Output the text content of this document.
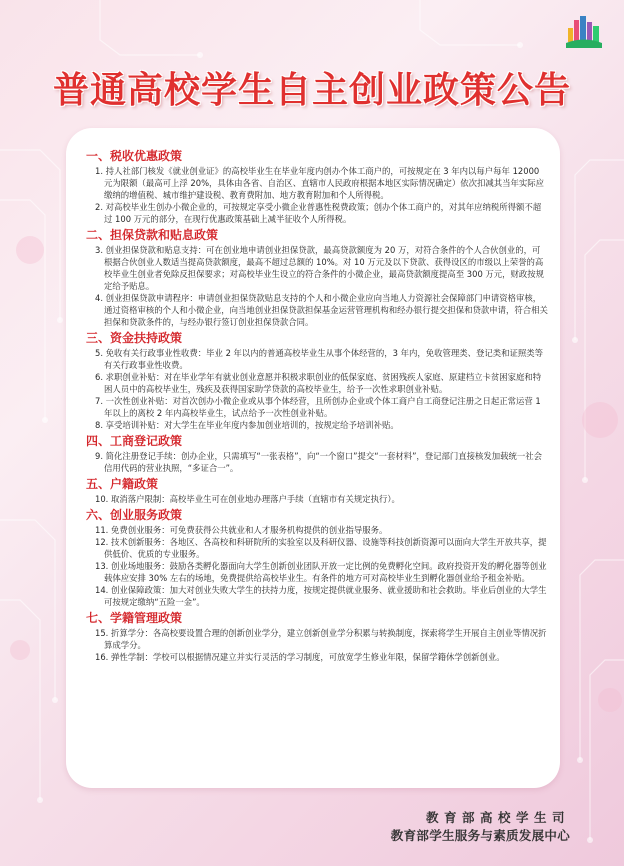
普通高校学生自主创业政策公告
一、税收优惠政策
1. 持人社部门核发《就业创业证》的高校毕业生在毕业年度内创办个体工商户的，可按规定在 3 年内以每户每年 12000 元为限额（最高可上浮 20%，具体由各省、自治区、直辖市人民政府根据本地区实际情况确定）依次扣减其当年实际应缴纳的增值税、城市维护建设税、教育费附加、地方教育附加和个人所得税。
2. 对高校毕业生创办小微企业的，可按规定享受小微企业普惠性税费政策；创办个体工商户的，对其年应纳税所得额不超过 100 万元的部分，在现行优惠政策基础上减半征收个人所得税。
二、担保贷款和贴息政策
3. 创业担保贷款和贴息支持：可在创业地申请创业担保贷款，最高贷款额度为 20 万，对符合条件的个人合伙创业的，可根据合伙创业人数适当提高贷款额度，最高不超过总额的 10%。对 10 万元及以下贷款、获得设区的市级以上荣誉的高校毕业生创业者免除反担保要求；对高校毕业生设立的符合条件的小微企业，最高贷款额度提高至 300 万元，财政按规定给予贴息。
4. 创业担保贷款申请程序：申请创业担保贷款贴息支持的个人和小微企业应向当地人力资源社会保障部门申请资格审核，通过资格审核的个人和小微企业，向当地创业担保贷款担保基金运营管理机构和经办银行提交担保和贷款申请，符合相关担保和贷款条件的，与经办银行签订创业担保贷款合同。
三、资金扶持政策
5. 免收有关行政事业性收费：毕业 2 年以内的普通高校毕业生从事个体经营的，3 年内，免收管理类、登记类和证照类等有关行政事业性收费。
6. 求职创业补贴：对在毕业学年有就业创业意愿并积极求职创业的低保家庭、贫困残疾人家庭、原建档立卡贫困家庭和特困人员中的高校毕业生，残疾及获得国家助学贷款的高校毕业生，给予一次性求职创业补贴。
7. 一次性创业补贴：对首次创办小微企业或从事个体经营，且所创办企业或个体工商户自工商登记注册之日起正常运营 1 年以上的离校 2 年内高校毕业生，试点给予一次性创业补贴。
8. 享受培训补贴：对大学生在毕业年度内参加创业培训的，按规定给予培训补贴。
四、工商登记政策
9. 简化注册登记手续：创办企业，只需填写“一张表格”，向“一个窗口”提交“一套材料”，登记部门直接核发加载统一社会信用代码的营业执照，“多证合一”。
五、户籍政策
10. 取消落户限制：高校毕业生可在创业地办理落户手续（直辖市有关规定执行）。
六、创业服务政策
11. 免费创业服务：可免费获得公共就业和人才服务机构提供的创业指导服务。
12. 技术创新服务：各地区、各高校和科研院所的实验室以及科研仪器、设施等科技创新资源可以面向大学生开放共享，提供低价、优质的专业服务。
13. 创业场地服务：鼓励各类孵化器面向大学生创新创业团队开放一定比例的免费孵化空间。政府投资开发的孵化器等创业载体应安排 30% 左右的场地，免费提供给高校毕业生。有条件的地方可对高校毕业生到孵化器创业给予租金补贴。
14. 创业保障政策：加大对创业失败大学生的扶持力度，按规定提供就业服务、就业援助和社会救助。毕业后创业的大学生可按规定缴纳“五险一金”。
七、学籍管理政策
15. 折算学分：各高校要设置合理的创新创业学分，建立创新创业学分积累与转换制度，探索将学生开展自主创业等情况折算成学分。
16. 弹性学制：学校可以根据情况建立并实行灵活的学习制度，可放宽学生修业年限，保留学籍休学创新创业。
教育部高校学生司
教育部学生服务与素质发展中心
